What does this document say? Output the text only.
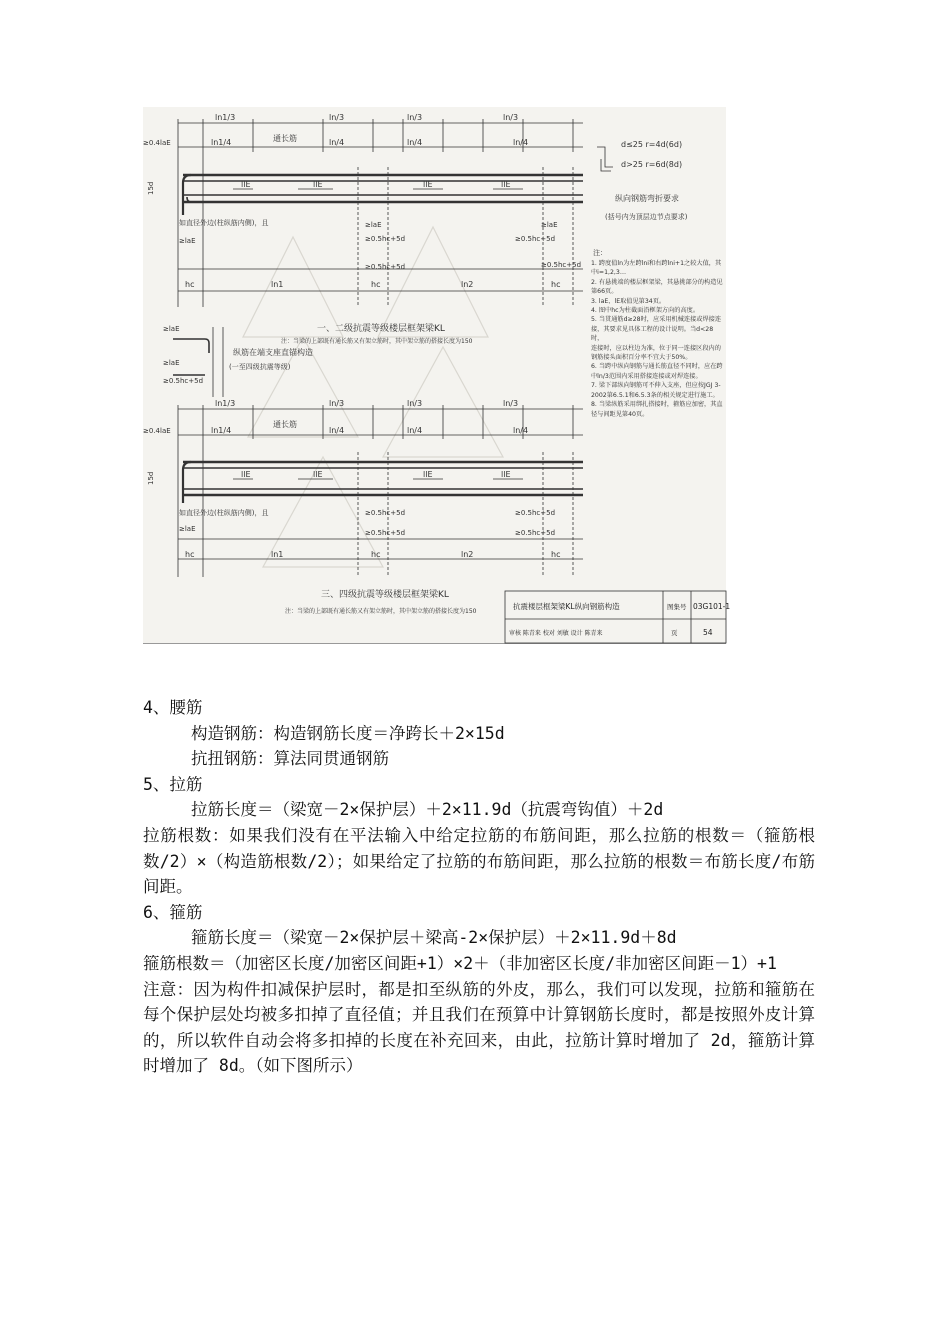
ln1/3	ln/3	ln/3	ln/3
≥0.4laE	ln1/4	ln/4	ln/4	ln/4
通长筋
llE	llE	llE	llE
如直径外边(柱纵筋内侧)，且
≥laE
≥laE
≥0.5hc+5d
≥0.5hc+5d
≥laE
≥0.5hc+5d
≥0.5hc+5d
hc	hc	hc
ln1	ln2
15d
一、二级抗震等级楼层框架梁KL
注：当梁的上部既有通长筋又有架立筋时，其中架立筋的搭接长度为150
≥laE
≥laE
≥0.5hc+5d
纵筋在端支座直锚构造
(一至四级抗震等级)
ln1/3	ln/3	ln/3	ln/3
≥0.4laE	ln1/4	ln/4	ln/4	ln/4
通长筋
llE	llE	llE	llE
如直径外边(柱纵筋内侧)，且
≥laE
≥0.5hc+5d
≥0.5hc+5d
≥0.5hc+5d
≥0.5hc+5d
hc	hc	hc
ln1	ln2
15d
三、四级抗震等级楼层框架梁KL
注：当梁的上部既有通长筋又有架立筋时，其中架立筋的搭接长度为150
d≤25 r=4d(6d)
d>25 r=6d(8d)
纵向钢筋弯折要求
(括号内为顶层边节点要求)
注：
1. 跨度值ln为左跨lni和右跨lni+1之较大值，其中i=1,2,3…
2. 有悬挑端的楼层框架梁，其悬挑部分的构造见第66页。
3. laE、lE取值见第34页。
4. 图中hc为柱截面沿框架方向的高度。
5. 当贯通筋d≥28时，应采用机械连接或焊接连接，其要求见具体工程的设计说明。当d<28时，
连接时，应以柱边为准，位于同一连接区段内的钢筋接头面积百分率不宜大于50%。
6. 当跨中纵向钢筋与通长筋直径不同时，应在跨中ln/3范围内采用搭接连接或对焊连接。
7. 梁下部纵向钢筋可不伸入支座，但应按JGJ 3-2002第6.5.1和6.5.3条的相关规定进行施工。
8. 当梁纵筋采用绑扎搭接时，箍筋应加密，其直径与间距见第40页。
抗震楼层框架梁KL纵向钢筋构造	图集号 03G101-1
审核 陈青来 校对 刘敏 设计 陈青来	页	54

4、腰筋

构造钢筋：构造钢筋长度＝净跨长＋2×15d

抗扭钢筋：算法同贯通钢筋

5、拉筋

拉筋长度＝（梁宽－2×保护层）＋2×11.9d（抗震弯钩值）＋2d

拉筋根数：如果我们没有在平法输入中给定拉筋的布筋间距，那么拉筋的根数＝（箍筋根数/2）×（构造筋根数/2）；如果给定了拉筋的布筋间距，那么拉筋的根数＝布筋长度/布筋间距。

6、箍筋

箍筋长度＝（梁宽－2×保护层＋梁高-2×保护层）＋2×11.9d＋8d

箍筋根数＝（加密区长度/加密区间距+1）×2＋（非加密区长度/非加密区间距－1）+1

注意：因为构件扣减保护层时，都是扣至纵筋的外皮，那么，我们可以发现，拉筋和箍筋在每个保护层处均被多扣掉了直径值；并且我们在预算中计算钢筋长度时，都是按照外皮计算的，所以软件自动会将多扣掉的长度在补充回来，由此，拉筋计算时增加了 2d，箍筋计算时增加了 8d。（如下图所示）
